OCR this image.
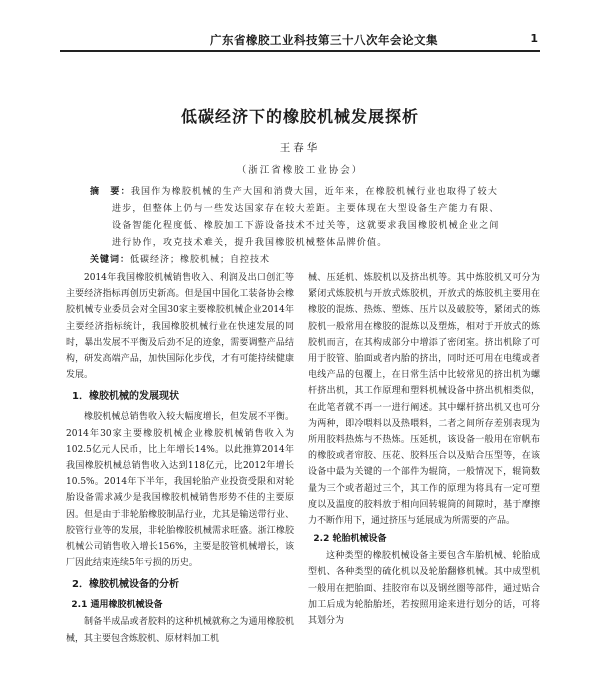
广东省橡胶工业科技第三十八次年会论文集	1
低碳经济下的橡胶机械发展探析
王春华
（浙江省橡胶工业协会）
摘　要：我国作为橡胶机械的生产大国和消费大国，近年来，在橡胶机械行业也取得了较大
进步，但整体上仍与一些发达国家存在较大差距。主要体现在大型设备生产能力有限、
设备智能化程度低、橡胶加工下游设备技术不过关等，这就要求我国橡胶机械企业之间
进行协作，攻克技术难关，提升我国橡胶机械整体品牌价值。
关键词：低碳经济；橡胶机械；自控技术

2014年我国橡胶机械销售收入、利润及出口创汇等主要经济指标再创历史新高。但是国中国化工装备协会橡胶机械专业委员会对全国30家主要橡胶机械企业2014年主要经济指标统计，我国橡胶机械行业在快速发展的同时，暴出发展不平衡及后劲不足的迹象，需要调整产品结构，研发高端产品，加快国际化步伐，才有可能持续健康发展。

1．橡胶机械的发展现状

橡胶机械总销售收入较大幅度增长，但发展不平衡。2014年30家主要橡胶机械企业橡胶机械销售收入为102.5亿元人民币，比上年增长14%。以此推算2014年我国橡胶机械总销售收入达到118亿元，比2012年增长10.5%。2014年下半年，我国轮胎产业投资受限和对轮胎设备需求减少是我国橡胶机械销售形势不佳的主要原因。但是由于非轮胎橡胶制品行业，尤其是输送带行业、胶管行业等的发展，非轮胎橡胶机械需求旺盛。浙江橡胶机械公司销售收入增长156%，主要是胶管机械增长，该厂因此结束连续5年亏损的历史。

2．橡胶机械设备的分析
2.1 通用橡胶机械设备

制备半成品或者胶料的这种机械就称之为通用橡胶机械，其主要包含炼胶机、原材料加工机

械、压延机、炼胶机以及挤出机等。其中炼胶机又可分为紧闭式炼胶机与开放式炼胶机，开放式的炼胶机主要用在橡胶的混炼、热炼、塑炼、压片以及破胶等，紧闭式的炼胶机一般常用在橡胶的混炼以及塑炼，相对于开放式的炼胶机而言，在其构成部分中增添了密闭室。挤出机除了可用于胶管、胎面或者内胎的挤出，同时还可用在电缆或者电线产品的包覆上，在日常生活中比较常见的挤出机为螺杆挤出机，其工作原理和塑料机械设备中挤出机相类似，在此笔者就不再一一进行阐述。其中螺杆挤出机又也可分为两种，即冷喂料以及热喂料，二者之间所存差别表现为所用胶料热炼与不热炼。压延机，该设备一般用在帘帆布的橡胶或者帘胶、压花、胶料压合以及贴合压型等，在该设备中最为关键的一个部件为辊筒，一般情况下，辊筒数量为三个或者超过三个，其工作的原理为将具有一定可塑度以及温度的胶料放于相向回转辊筒的间隙时，基于摩擦力不断作用下，通过挤压与延展成为所需要的产品。

2.2 轮胎机械设备

这种类型的橡胶机械设备主要包含车胎机械、轮胎成型机、各种类型的硫化机以及轮胎翻修机械。其中成型机一般用在把胎面、挂胶帘布以及钢丝圈等部件，通过贴合加工后成为轮胎胎坯，若按照用途来进行划分的话，可将其划分为
